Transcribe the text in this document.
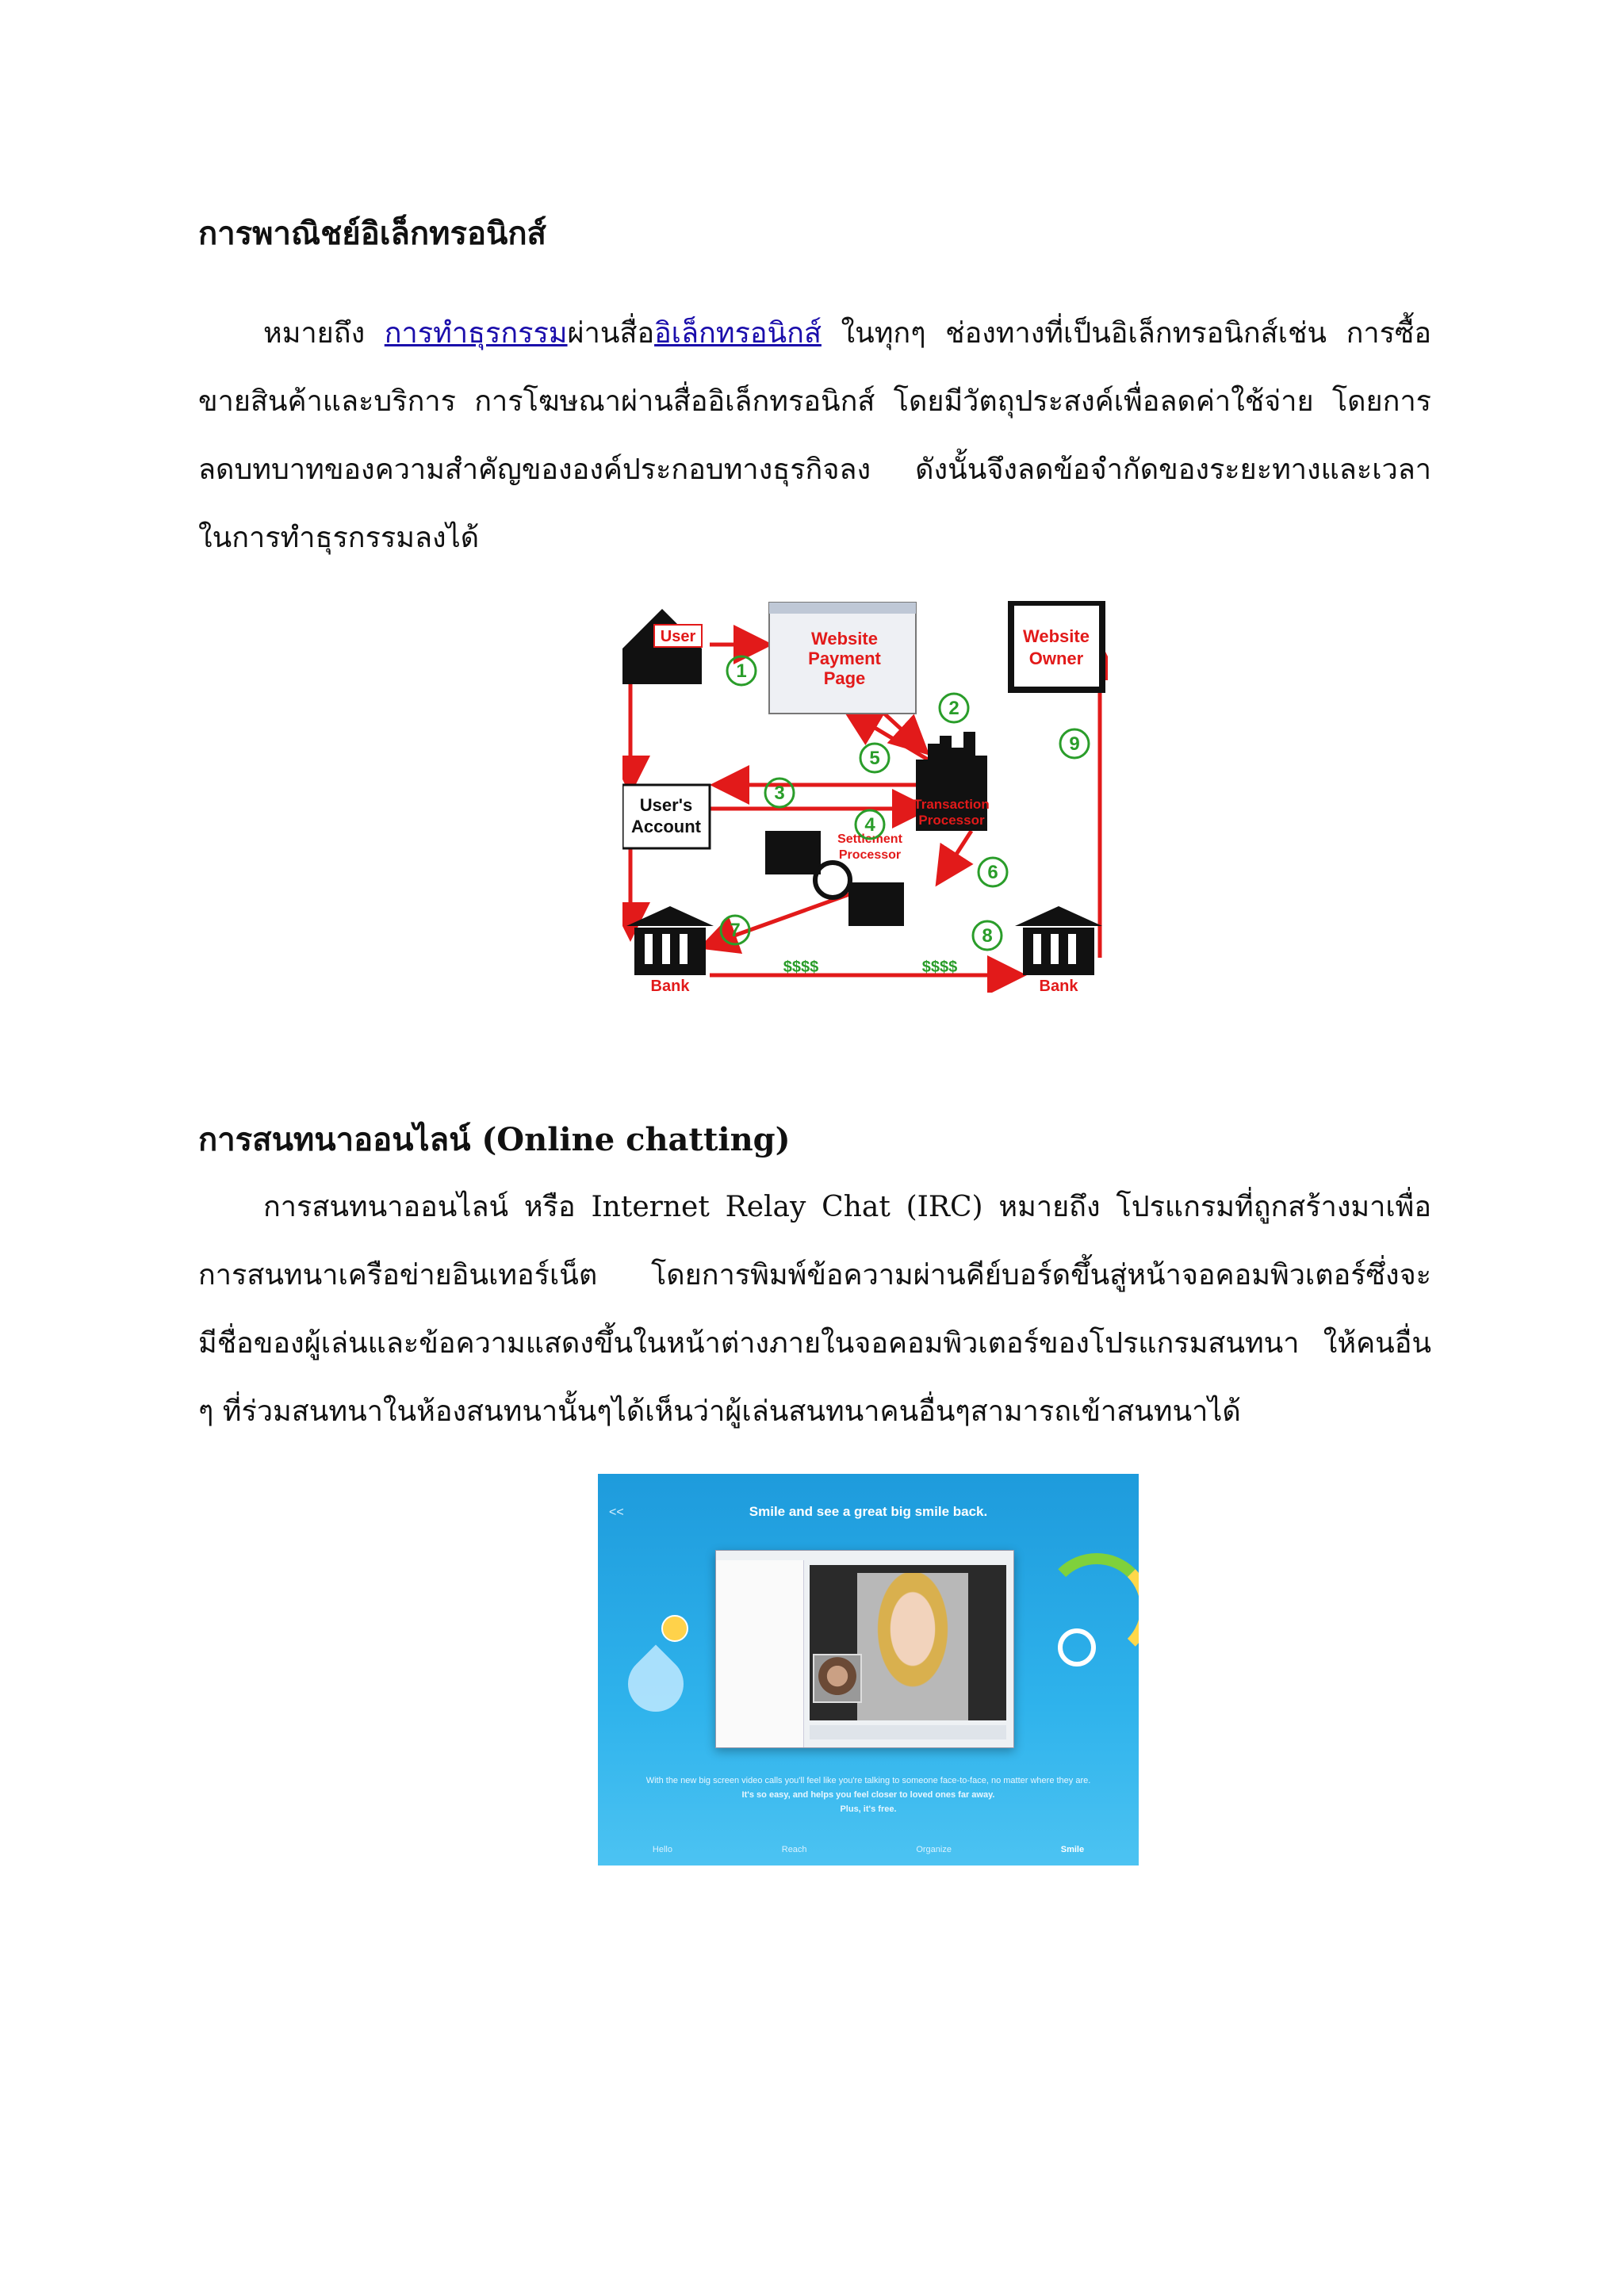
การพาณิชย์อิเล็กทรอนิกส์

หมายถึง การทำธุรกรรมผ่านสื่ออิเล็กทรอนิกส์ ในทุกๆ ช่องทางที่เป็นอิเล็กทรอนิกส์เช่น การซื้อขายสินค้าและบริการ การโฆษณาผ่านสื่ออิเล็กทรอนิกส์ โดยมีวัตถุประสงค์เพื่อลดค่าใช้จ่าย โดยการลดบทบาทของความสำคัญขององค์ประกอบทางธุรกิจลง ดังนั้นจึงลดข้อจำกัดของระยะทางและเวลา ในการทำธุรกรรมลงได้

User	Website
Payment
Page
Website
Owner
User's
Account
Transaction
Processor
Settlement
Processor
Bank	Bank
$$$$	$$$$
1
2
3
4
5
6
7	8
9
การสนทนาออนไลน์ (Online chatting)

การสนทนาออนไลน์ หรือ Internet Relay Chat (IRC) หมายถึง โปรแกรมที่ถูกสร้างมาเพื่อการสนทนาเครือข่ายอินเทอร์เน็ต โดยการพิมพ์ข้อความผ่านคีย์บอร์ดขึ้นสู่หน้าจอคอมพิวเตอร์ซึ่งจะมีชื่อของผู้เล่นและข้อความแสดงขึ้นในหน้าต่างภายในจอคอมพิวเตอร์ของโปรแกรมสนทนา ให้คนอื่น ๆ ที่ร่วมสนทนาในห้องสนทนานั้นๆได้เห็นว่าผู้เล่นสนทนาคนอื่นๆสามารถเข้าสนทนาได้

<<	Smile and see a great big smile back.
With the new big screen video calls you'll feel like you're talking to someone face-to-face, no matter where they are.
It's so easy, and helps you feel closer to loved ones far away.
Plus, it's free.
Hello	Reach	Organize	Smile
